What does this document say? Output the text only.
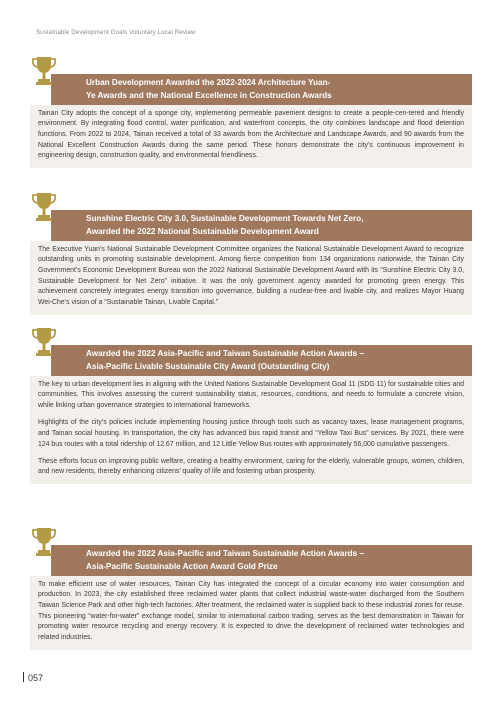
Sustainable Development Goals Voluntary Local Review
Urban Development Awarded the 2022-2024 Architecture Yuan-
Ye Awards and the National Excellence in Construction Awards

Tainan City adopts the concept of a sponge city, implementing permeable pavement designs to create a people-cen-tered and friendly environment. By integrating flood control, water purification, and waterfront concepts, the city combines landscape and flood detention functions. From 2022 to 2024, Tainan received a total of 33 awards from the Architecture and Landscape Awards, and 90 awards from the National Excellent Construction Awards during the same period. These honors demonstrate the city’s continuous improvement in engineering design, construction quality, and environmental friendliness.

Sunshine Electric City 3.0, Sustainable Development Towards Net Zero,
Awarded the 2022 National Sustainable Development Award

The Executive Yuan’s National Sustainable Development Committee organizes the National Sustainable Development Award to recognize outstanding units in promoting sustainable development. Among fierce competition from 134 organizations nationwide, the Tainan City Government’s Economic Development Bureau won the 2022 National Sustainable Development Award with its “Sunshine Electric City 3.0, Sustainable Development for Net Zero” initiative. It was the only government agency awarded for promoting green energy. This achievement concretely integrates energy transition into governance, building a nuclear-free and livable city, and realizes Mayor Huang Wei-Che’s vision of a “Sustainable Tainan, Livable Capital.”

Awarded the 2022 Asia-Pacific and Taiwan Sustainable Action Awards –
Asia-Pacific Livable Sustainable City Award (Outstanding City)

The key to urban development lies in aligning with the United Nations Sustainable Development Goal 11 (SDG 11) for sustainable cities and communities. This involves assessing the current sustainability status, resources, conditions, and needs to formulate a concrete vision, while linking urban governance strategies to international frameworks.

Highlights of the city’s policies include implementing housing justice through tools such as vacancy taxes, lease management programs, and Tainan social housing. In transportation, the city has advanced bus rapid transit and “Yellow Taxi Bus” services. By 2021, there were 124 bus routes with a total ridership of 12.67 million, and 12 Little Yellow Bus routes with approximately 56,000 cumulative passengers.

These efforts focus on improving public welfare, creating a healthy environment, caring for the elderly, vulnerable groups, women, children, and new residents, thereby enhancing citizens’ quality of life and fostering urban prosperity.

Awarded the 2022 Asia-Pacific and Taiwan Sustainable Action Awards –
Asia-Pacific Sustainable Action Award Gold Prize

To make efficient use of water resources, Tainan City has integrated the concept of a circular economy into water consumption and production. In 2023, the city established three reclaimed water plants that collect industrial waste-water discharged from the Southern Taiwan Science Park and other high-tech factories. After treatment, the reclaimed water is supplied back to these industrial zones for reuse. This pioneering “water-for-water” exchange model, similar to international carbon trading, serves as the best demonstration in Taiwan for promoting water resource recycling and energy recovery. It is expected to drive the development of reclaimed water technologies and related industries.

057
